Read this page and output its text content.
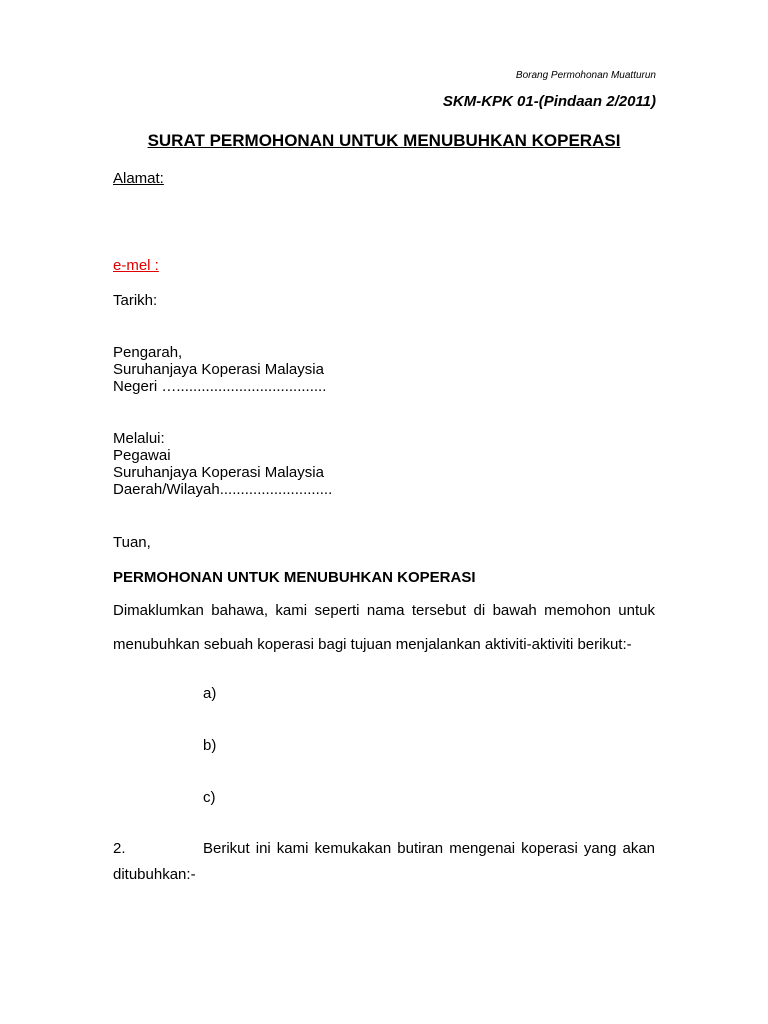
Borang Permohonan Muatturun
SKM-KPK 01-(Pindaan 2/2011)
SURAT PERMOHONAN UNTUK MENUBUHKAN KOPERASI
Alamat:
e-mel :
Tarikh:
Pengarah,
Suruhanjaya Koperasi Malaysia
Negeri …....................................
Melalui:
Pegawai
Suruhanjaya Koperasi Malaysia
Daerah/Wilayah...........................
Tuan,
PERMOHONAN UNTUK MENUBUHKAN KOPERASI
Dimaklumkan bahawa, kami seperti nama tersebut di bawah memohon untuk
menubuhkan sebuah koperasi bagi tujuan menjalankan aktiviti-aktiviti berikut:-
a)
b)
c)
2.	Berikut ini kami kemukakan butiran mengenai koperasi yang akan
ditubuhkan:-
